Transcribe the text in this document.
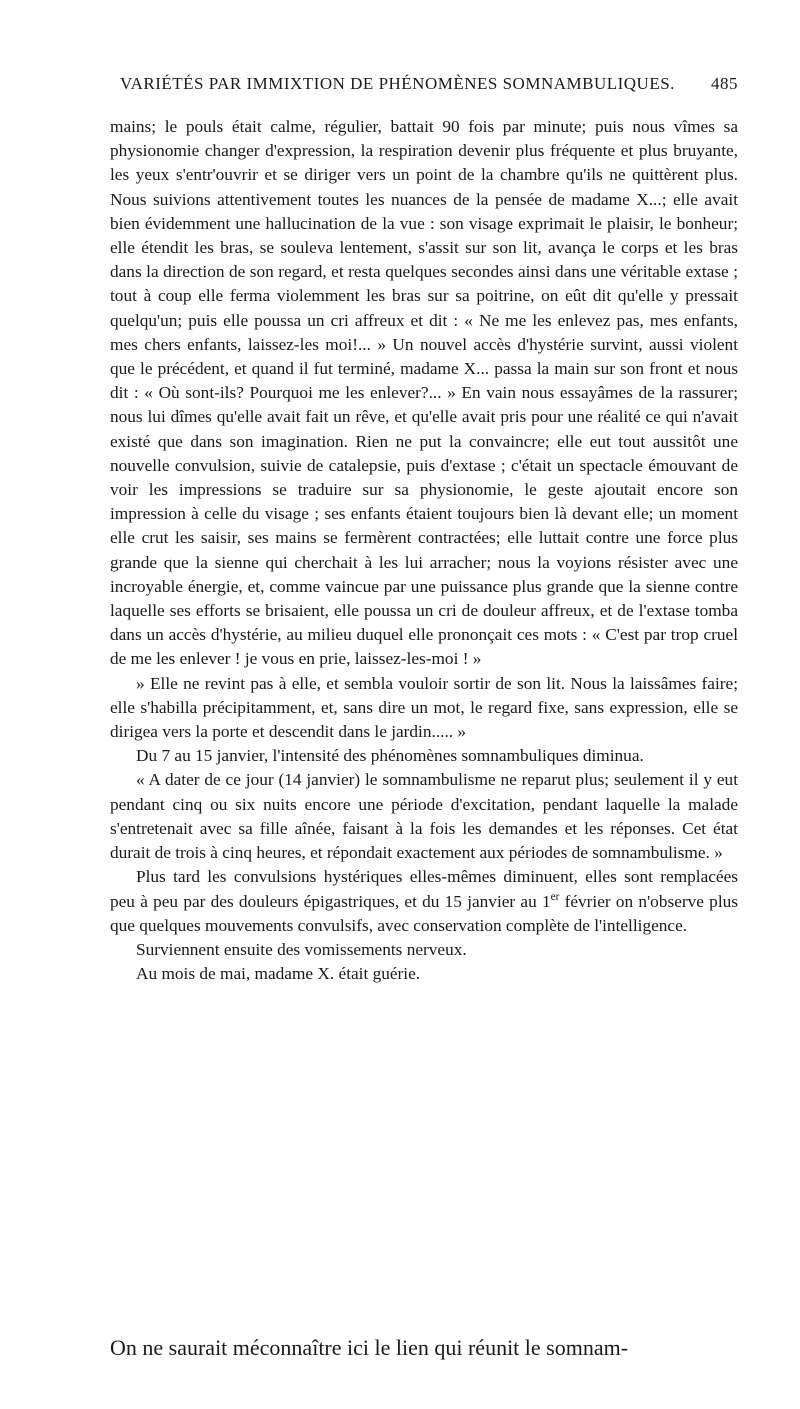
VARIÉTÉS PAR IMMIXTION DE PHÉNOMÈNES SOMNAMBULIQUES. 485

mains; le pouls était calme, régulier, battait 90 fois par minute; puis nous vîmes sa physionomie changer d'expression, la respiration devenir plus fréquente et plus bruyante, les yeux s'entr'ouvrir et se diriger vers un point de la chambre qu'ils ne quittèrent plus. Nous suivions attentivement toutes les nuances de la pensée de madame X...; elle avait bien évidemment une hallucination de la vue : son visage exprimait le plaisir, le bonheur; elle étendit les bras, se souleva lentement, s'assit sur son lit, avança le corps et les bras dans la direction de son regard, et resta quelques secondes ainsi dans une véritable extase ; tout à coup elle ferma violemment les bras sur sa poitrine, on eût dit qu'elle y pressait quelqu'un; puis elle poussa un cri affreux et dit : « Ne me les enlevez pas, mes enfants, mes chers enfants, laissez-les moi!... » Un nouvel accès d'hystérie survint, aussi violent que le précédent, et quand il fut terminé, madame X... passa la main sur son front et nous dit : « Où sont-ils? Pourquoi me les enlever?... » En vain nous essayâmes de la rassurer; nous lui dîmes qu'elle avait fait un rêve, et qu'elle avait pris pour une réalité ce qui n'avait existé que dans son imagination. Rien ne put la convaincre; elle eut tout aussitôt une nouvelle convulsion, suivie de catalepsie, puis d'extase ; c'était un spectacle émouvant de voir les impressions se traduire sur sa physionomie, le geste ajoutait encore son impression à celle du visage ; ses enfants étaient toujours bien là devant elle; un moment elle crut les saisir, ses mains se fermèrent contractées; elle luttait contre une force plus grande que la sienne qui cherchait à les lui arracher; nous la voyions résister avec une incroyable énergie, et, comme vaincue par une puissance plus grande que la sienne contre laquelle ses efforts se brisaient, elle poussa un cri de douleur affreux, et de l'extase tomba dans un accès d'hystérie, au milieu duquel elle prononçait ces mots : « C'est par trop cruel de me les enlever ! je vous en prie, laissez-les-moi ! »

» Elle ne revint pas à elle, et sembla vouloir sortir de son lit. Nous la laissâmes faire; elle s'habilla précipitamment, et, sans dire un mot, le regard fixe, sans expression, elle se dirigea vers la porte et descendit dans le jardin..... »

Du 7 au 15 janvier, l'intensité des phénomènes somnambuliques diminua.

« A dater de ce jour (14 janvier) le somnambulisme ne reparut plus; seulement il y eut pendant cinq ou six nuits encore une période d'excitation, pendant laquelle la malade s'entretenait avec sa fille aînée, faisant à la fois les demandes et les réponses. Cet état durait de trois à cinq heures, et répondait exactement aux périodes de somnambulisme. »

Plus tard les convulsions hystériques elles-mêmes diminuent, elles sont remplacées peu à peu par des douleurs épigastriques, et du 15 janvier au 1er février on n'observe plus que quelques mouvements convulsifs, avec conservation complète de l'intelligence.

Surviennent ensuite des vomissements nerveux.

Au mois de mai, madame X. était guérie.

On ne saurait méconnaître ici le lien qui réunit le somnam-
